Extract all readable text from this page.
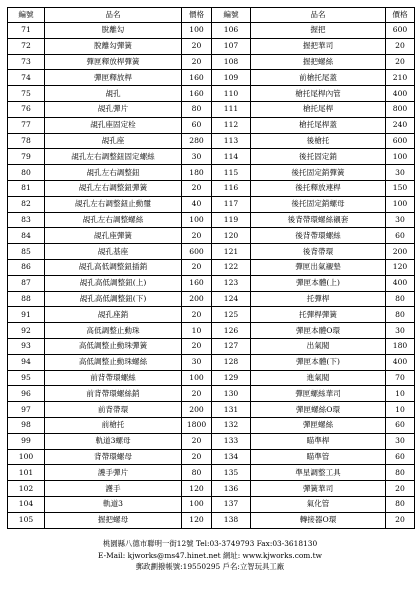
編號	品名	價格	編號	品名	價格
71	脫離勾	100	106	握把	600
72	脫離勾彈簧	20	107	握把華司	20
73	彈匣釋放桿彈簧	20	108	握把螺絲	20
74	彈匣釋放桿	160	109	前槍托尾蓋	210
75	覘孔	160	110	槍托尾桿內管	400
76	覘孔彈片	80	111	槍托尾桿	800
77	覘孔座固定栓	60	112	槍托尾桿蓋	240
78	覘孔座	280	113	後槍托	600
79	覘孔左右調整鈕固定螺絲	30	114	後托固定銷	100
80	覘孔左右調整鈕	180	115	後托固定銷彈簧	30
81	覘孔左右調整鈕彈簧	20	116	後托釋放連桿	150
82	覘孔左右調整鈕止動璽	40	117	後托固定銷螺母	100
83	覘孔左右調整螺絲	100	119	後背帶環螺絲襯套	30
84	覘孔座彈簧	20	120	後背帶環螺絲	60
85	覘孔基座	600	121	後背帶環	200
86	覘孔高低調整鈕插銷	20	122	彈匣出氣襯墊	120
87	覘孔高低調整鈕(上)	160	123	彈匣本體(上)	400
88	覘孔高低調整鈕(下)	200	124	托彈桿	80
91	覘孔座銷	20	125	托彈桿彈簧	80
92	高低調整止動珠	10	126	彈匣本體O環	30
93	高低調整止動珠彈簧	20	127	出氣閥	180
94	高低調整止動珠螺絲	30	128	彈匣本體(下)	400
95	前背帶環螺絲	100	129	進氣閥	70
96	前背帶環螺絲銷	20	130	彈匣螺絲華司	10
97	前背帶環	200	131	彈匣螺絲O環	10
98	前槍托	1800	132	彈匣螺絲	60
99	軌道3螺母	20	133	瞄準桿	30
100	背帶環螺母	20	134	瞄準管	60
101	護手彈片	80	135	準星調整工具	80
102	護手	120	136	彈簧華司	20
104	軌道3	100	137	氣化管	80
105	握把螺母	120	138	轉接器O環	20
桃園縣八德市聯明一街12號 Tel:03-3749793 Fax:03-3618130
E-Mail: kjworks@ms47.hinet.net 網址: www.kjworks.com.tw
郵政劃撥帳號:19550295 戶名:立智玩具工廠
